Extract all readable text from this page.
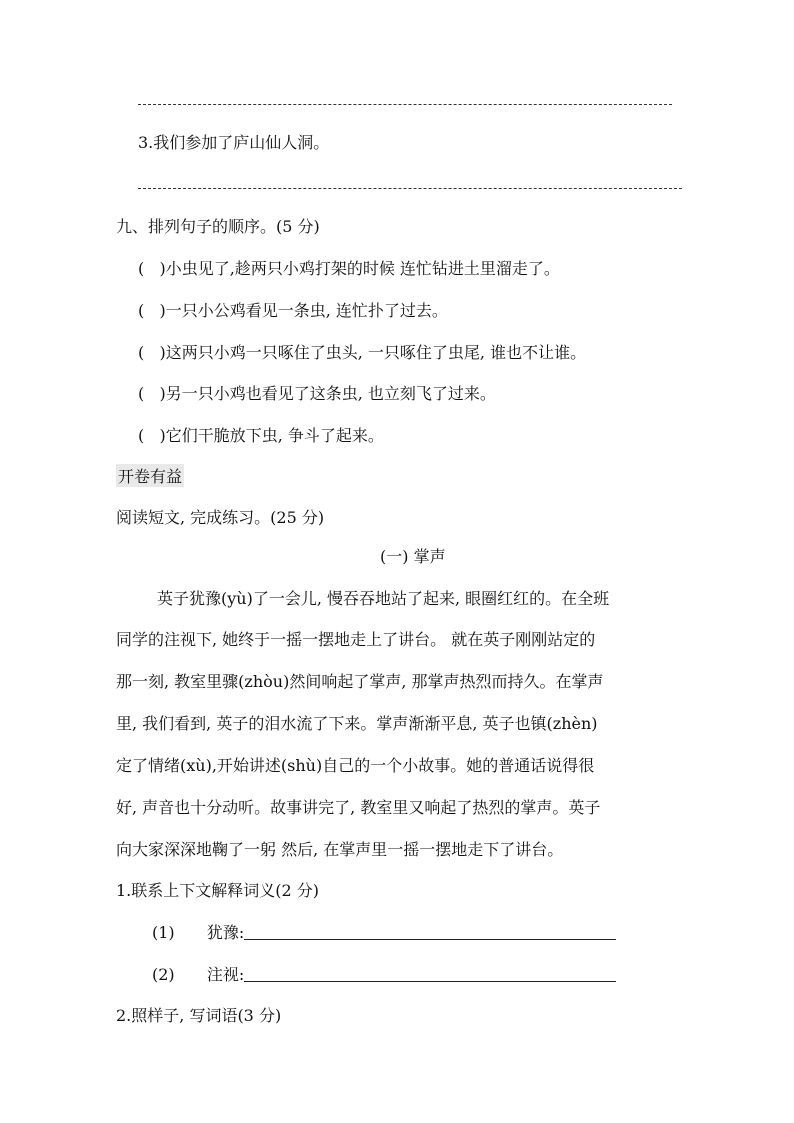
3.我们参加了庐山仙人洞。
九、排列句子的顺序。(5 分)
(   )小虫见了,趁两只小鸡打架的时候 连忙钻进土里溜走了。
(   )一只小公鸡看见一条虫, 连忙扑了过去。
(   )这两只小鸡一只啄住了虫头, 一只啄住了虫尾, 谁也不让谁。
(   )另一只小鸡也看见了这条虫, 也立刻飞了过来。
(   )它们干脆放下虫, 争斗了起来。
开卷有益
阅读短文, 完成练习。(25 分)
(一) 掌声
英子犹豫(yù)了一会儿, 慢吞吞地站了起来, 眼圈红红的。在全班
同学的注视下, 她终于一摇一摆地走上了讲台。 就在英子刚刚站定的
那一刻, 教室里骤(zhòu)然间响起了掌声, 那掌声热烈而持久。在掌声
里, 我们看到, 英子的泪水流了下来。掌声渐渐平息, 英子也镇(zhèn)
定了情绪(xù),开始讲述(shù)自己的一个小故事。她的普通话说得很
好, 声音也十分动听。故事讲完了, 教室里又响起了热烈的掌声。英子
向大家深深地鞠了一躬 然后, 在掌声里一摇一摆地走下了讲台。
1.联系上下文解释词义(2 分)
(1) 犹豫:
(2) 注视:
2.照样子, 写词语(3 分)
